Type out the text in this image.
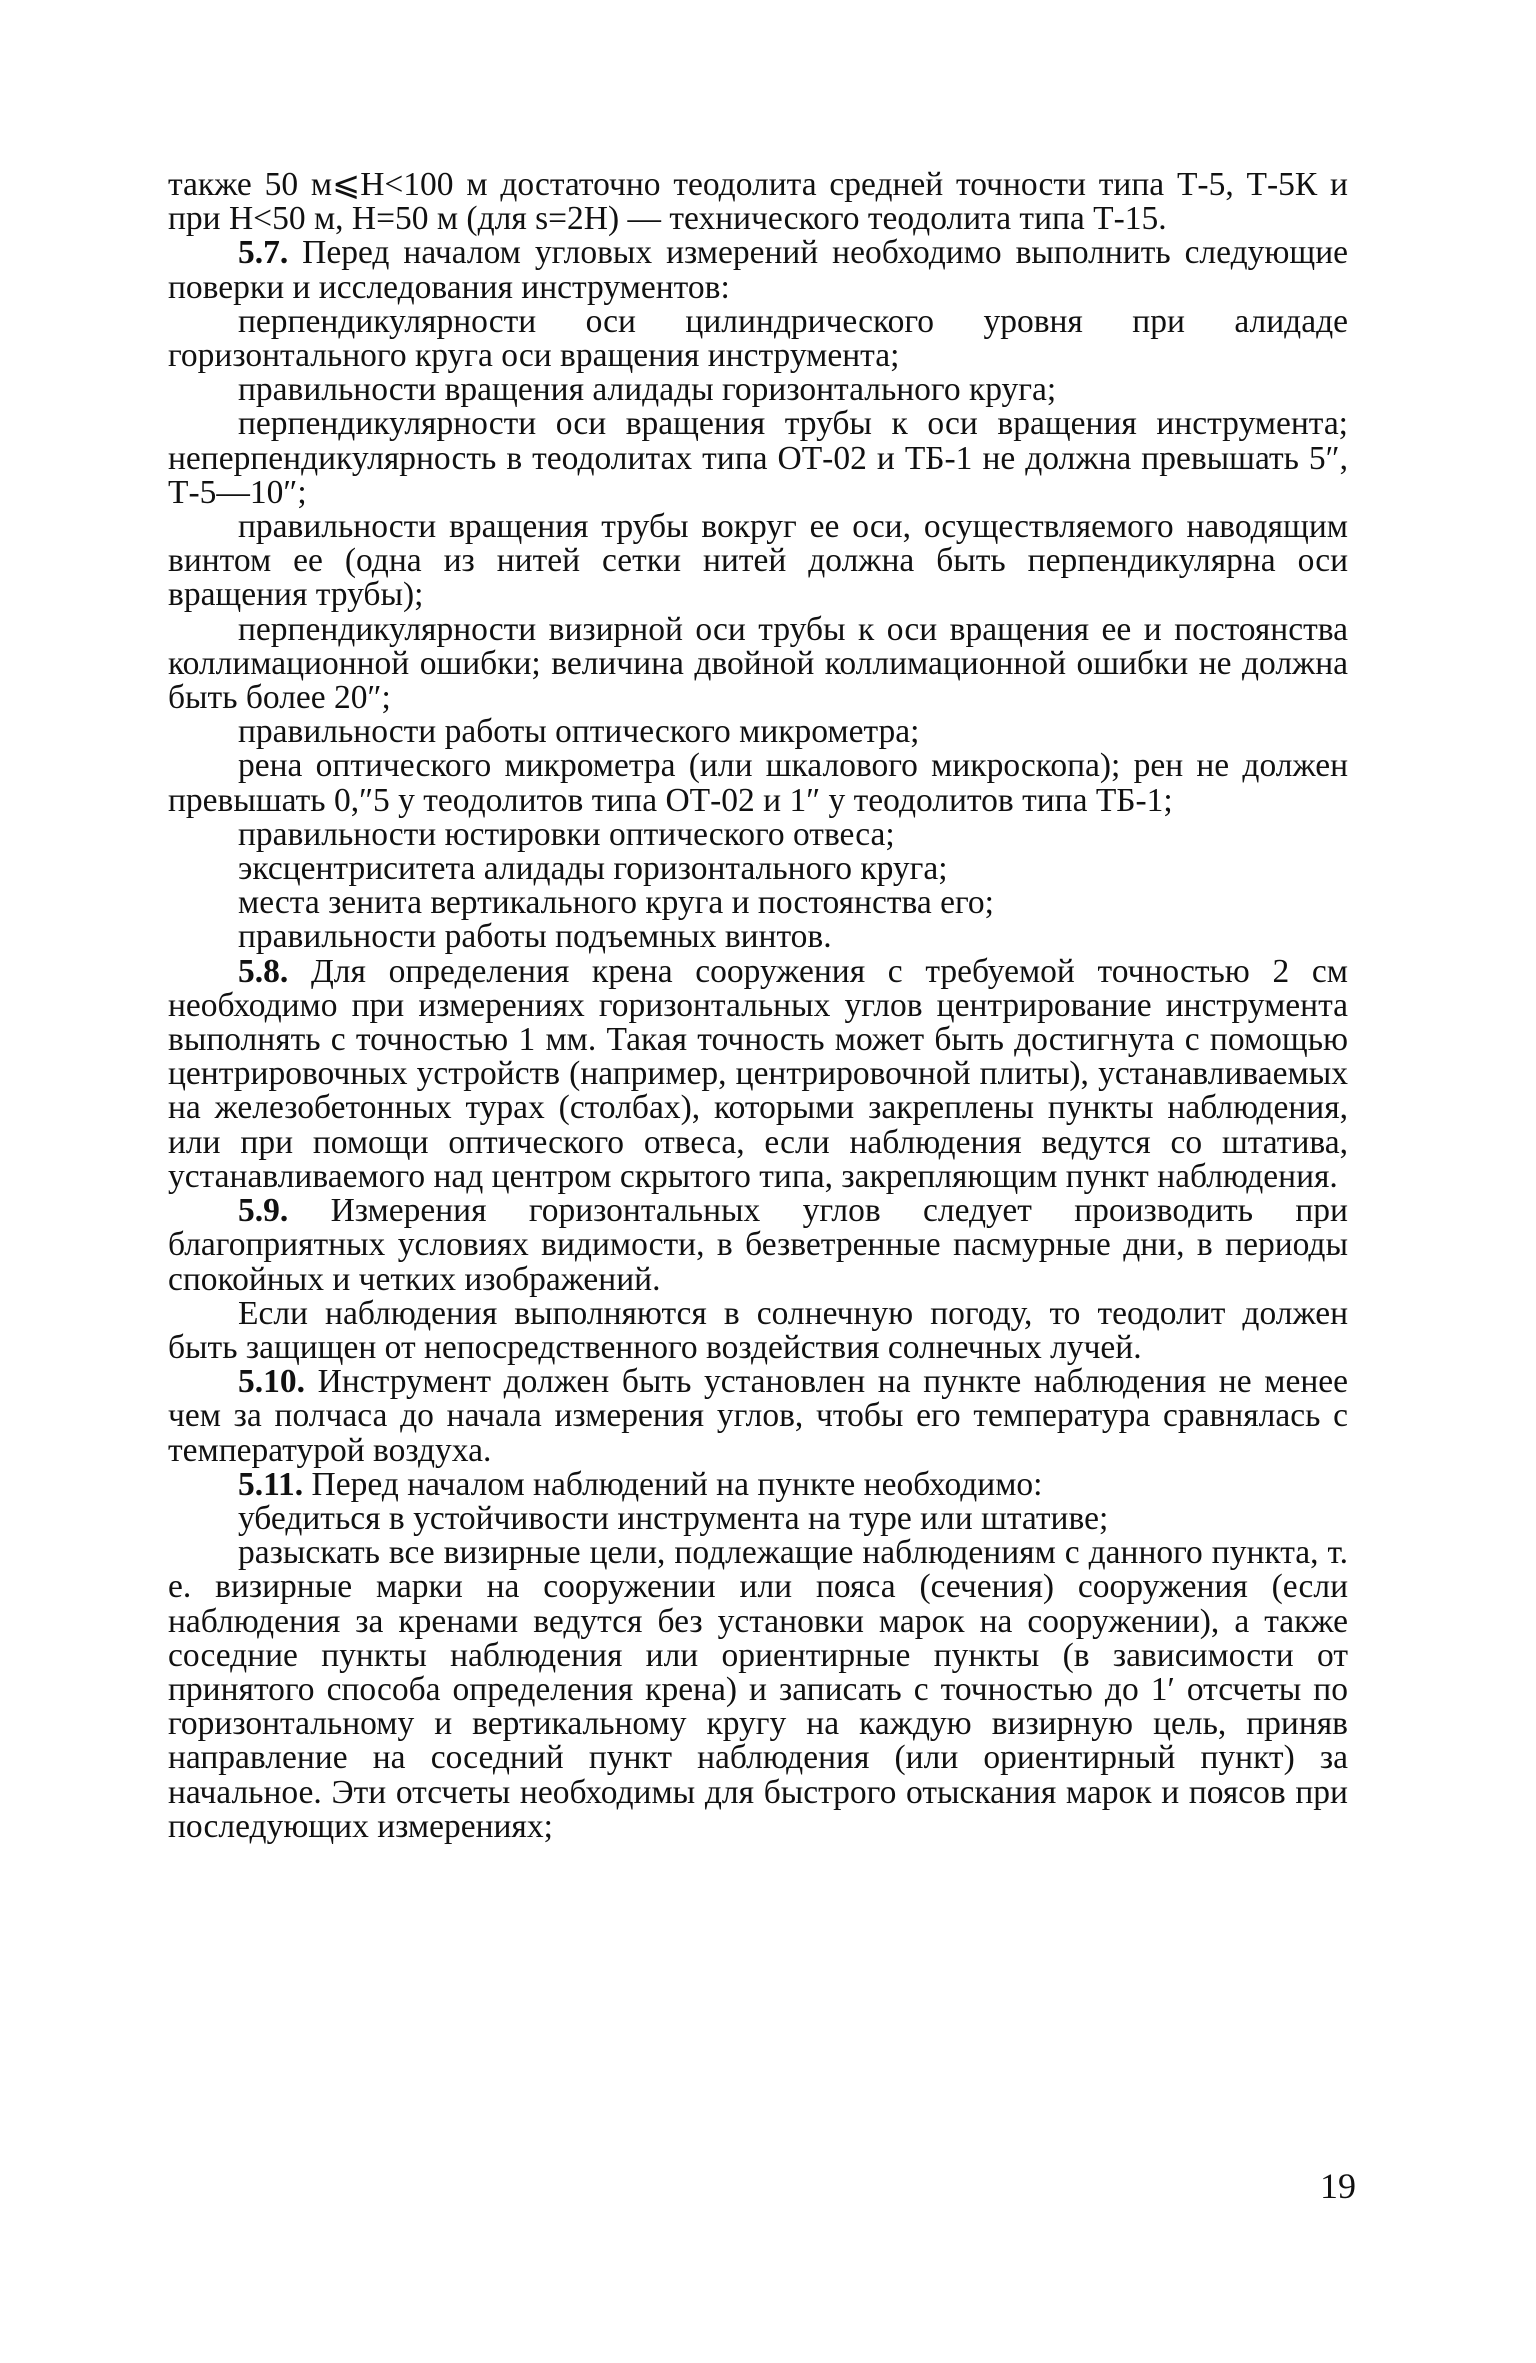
также 50 м⩽H<100 м достаточно теодолита средней точности типа Т-5, Т-5К и при H<50 м, H=50 м (для s=2H) — технического теодолита типа Т-15.

5.7. Перед началом угловых измерений необходимо выполнить следующие поверки и исследования инструментов:

перпендикулярности оси цилиндрического уровня при алидаде горизонтального круга оси вращения инструмента;

правильности вращения алидады горизонтального круга;

перпендикулярности оси вращения трубы к оси вращения инструмента; неперпендикулярность в теодолитах типа ОТ-02 и ТБ-1 не должна превышать 5″, Т-5—10″;

правильности вращения трубы вокруг ее оси, осуществляемого наводящим винтом ее (одна из нитей сетки нитей должна быть перпендикулярна оси вращения трубы);

перпендикулярности визирной оси трубы к оси вращения ее и постоянства коллимационной ошибки; величина двойной коллимационной ошибки не должна быть более 20″;

правильности работы оптического микрометра;

рена оптического микрометра (или шкалового микроскопа); рен не должен превышать 0,″5 у теодолитов типа ОТ-02 и 1″ у теодолитов типа ТБ-1;

правильности юстировки оптического отвеса;

эксцентриситета алидады горизонтального круга;

места зенита вертикального круга и постоянства его;

правильности работы подъемных винтов.

5.8. Для определения крена сооружения с требуемой точностью 2 см необходимо при измерениях горизонтальных углов центрирование инструмента выполнять с точностью 1 мм. Такая точность может быть достигнута с помощью центрировочных устройств (например, центрировочной плиты), устанавливаемых на железобетонных турах (столбах), которыми закреплены пункты наблюдения, или при помощи оптического отвеса, если наблюдения ведутся со штатива, устанавливаемого над центром скрытого типа, закрепляющим пункт наблюдения.

5.9. Измерения горизонтальных углов следует производить при благоприятных условиях видимости, в безветренные пасмурные дни, в периоды спокойных и четких изображений.

Если наблюдения выполняются в солнечную погоду, то теодолит должен быть защищен от непосредственного воздействия солнечных лучей.

5.10. Инструмент должен быть установлен на пункте наблюдения не менее чем за полчаса до начала измерения углов, чтобы его температура сравнялась с температурой воздуха.

5.11. Перед началом наблюдений на пункте необходимо:

убедиться в устойчивости инструмента на туре или штативе;

разыскать все визирные цели, подлежащие наблюдениям с данного пункта, т. е. визирные марки на сооружении или пояса (сечения) сооружения (если наблюдения за кренами ведутся без установки марок на сооружении), а также соседние пункты наблюдения или ориентирные пункты (в зависимости от принятого способа определения крена) и записать с точностью до 1′ отсчеты по горизонтальному и вертикальному кругу на каждую визирную цель, приняв направление на соседний пункт наблюдения (или ориентирный пункт) за начальное. Эти отсчеты необходимы для быстрого отыскания марок и поясов при последующих измерениях;

19
